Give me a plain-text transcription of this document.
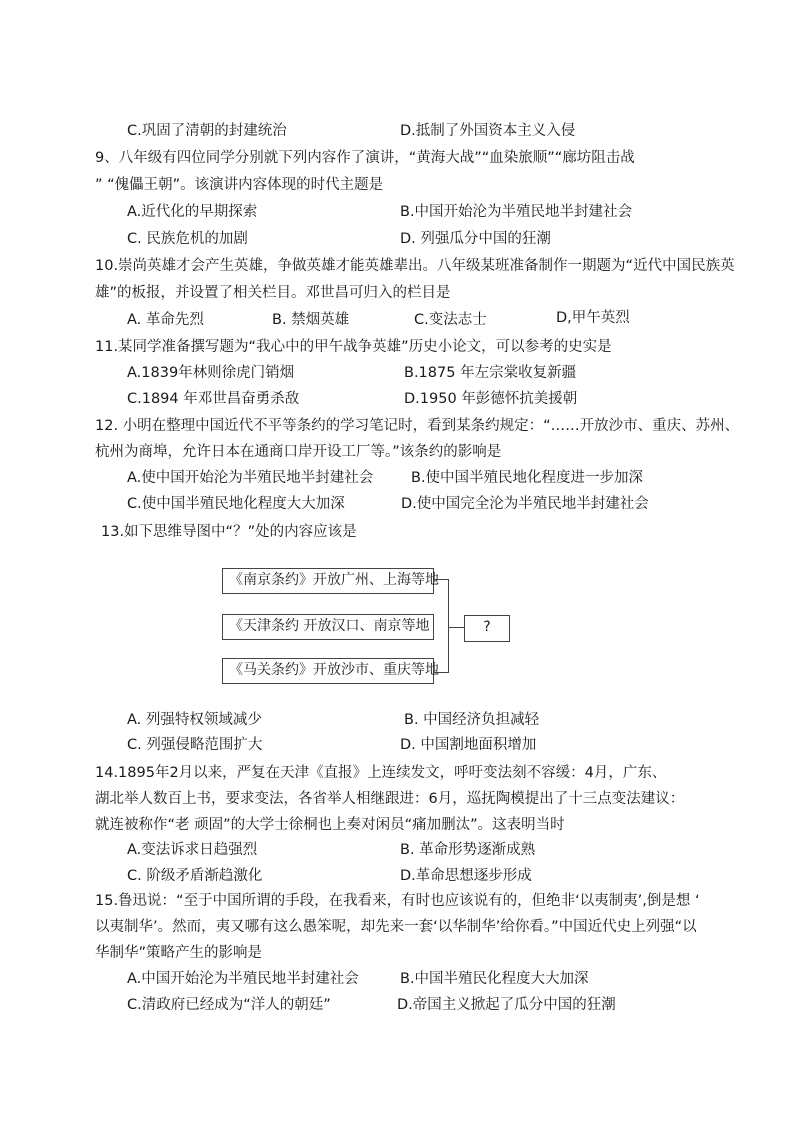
C.巩固了清朝的封建统治	D.抵制了外国资本主义入侵
9、八年级有四位同学分别就下列内容作了演讲，“黄海大战”“血染旅顺”“廊坊阻击战
” “傀儡王朝”。该演讲内容体现的时代主题是
A.近代化的早期探索	B.中国开始沦为半殖民地半封建社会
C. 民族危机的加剧	D. 列强瓜分中国的狂潮
10.崇尚英雄才会产生英雄，争做英雄才能英雄辈出。八年级某班准备制作一期题为“近代中国民族英
雄”的板报，并设置了相关栏目。邓世昌可归入的栏目是
A. 革命先烈	B. 禁烟英雄	C.变法志士	D,甲午英烈
11.某同学准备撰写题为“我心中的甲午战争英雄”历史小论文，可以参考的史实是
A.1839年林则徐虎门销烟	B.1875 年左宗棠收复新疆
C.1894 年邓世昌奋勇杀敌	D.1950 年彭德怀抗美援朝
12. 小明在整理中国近代不平等条约的学习笔记时，看到某条约规定：“……开放沙市、重庆、苏州、
杭州为商埠，允许日本在通商口岸开设工厂等。”该条约的影响是
A.使中国开始沦为半殖民地半封建社会	B.使中国半殖民地化程度进一步加深
C.使中国半殖民地化程度大大加深	D.使中国完全沦为半殖民地半封建社会
13.如下思维导图中“？”处的内容应该是
《南京条约》开放广州、上海等地
《天津条约 开放汉口、南京等地
《马关条约》开放沙市、重庆等地
?
A. 列强特权领域减少	B. 中国经济负担减轻
C. 列强侵略范围扩大	D. 中国割地面积增加
14.1895年2月以来，严复在天津《直报》上连续发文，呼吁变法刻不容缓：4月，广东、
湖北举人数百上书，要求变法，各省举人相继跟进：6月，巡抚陶模提出了十三点变法建议：
就连被称作“老 顽固”的大学士徐桐也上奏对闲员“痛加删汰”。这表明当时
A.变法诉求日趋强烈	B. 革命形势逐渐成熟
C. 阶级矛盾渐趋激化	D.革命思想逐步形成
15.鲁迅说：“至于中国所谓的手段，在我看来，有时也应该说有的，但绝非‘以夷制夷’,倒是想 ‘
以夷制华’。然而，夷又哪有这么愚笨呢，却先来一套‘以华制华’给你看。”中国近代史上列强“以
华制华”策略产生的影响是
A.中国开始沦为半殖民地半封建社会	B.中国半殖民化程度大大加深
C.清政府已经成为“洋人的朝廷”	D.帝国主义掀起了瓜分中国的狂潮
